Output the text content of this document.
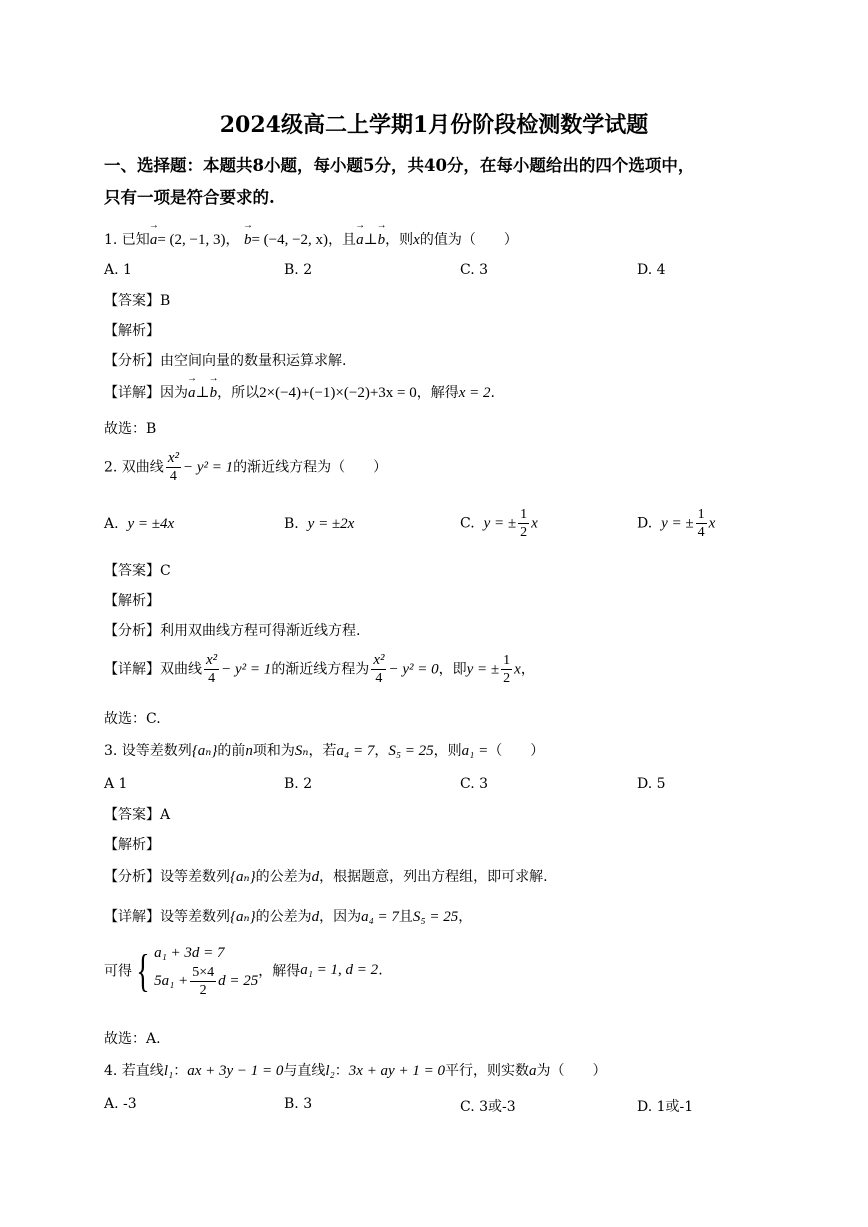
2024级高二上学期1月份阶段检测数学试题
一、选择题：本题共8小题，每小题5分，共40分，在每小题给出的四个选项中，
只有一项是符合要求的.
1. 已知→ a= (2, −1, 3)， → b= (−4, −2, x)，且→ a⊥→ b，则x的值为（　　）
A. 1	B. 2	C. 3	D. 4
【答案】B
【解析】
【分析】由空间向量的数量积运算求解.
【详解】因为→ a⊥→ b，所以2×(−4)+(−1)×(−2)+3x = 0，解得x = 2.
故选：B
2. 双曲线 $\frac{\text{x²}}{4} - y^2 = 1$的渐近线方程为（　　）
A. y = ±4x	B. y = ±2x	C. y = ± $\frac{1}{2}$ x	D. y = ± $\frac{1}{4}$ x
【答案】C
【解析】
【分析】利用双曲线方程可得渐近线方程.
【详解】双曲线 $\frac{\text{x²}}{4} - y^2 = 1$的渐近线方程为 $\frac{\text{x²}}{4} - y^2 = 0$，即y = ± $\frac{1}{2}$ x，
故选：C.
3. 设等差数列{aₙ}的前n项和为Sₙ，若a₄ = 7，S₅ = 25，则a₁ =（　　）
A 1	B. 2	C. 3	D. 5
【答案】A
【解析】
【分析】设等差数列{aₙ}的公差为d，根据题意，列出方程组，即可求解.
【详解】设等差数列{aₙ}的公差为d，因为a₄ = 7且S₅ = 25，
可得{ a₁ + 3d = 7
$5a_1 + \frac{5\times 4}{2}$ d = 25
，解得a₁ = 1, d = 2.
故选：A.
4. 若直线l₁：ax + 3y − 1 = 0与直线l₂：3x + ay + 1 = 0平行，则实数a为（　　）
A. -3	B. 3	C. 3或-3	D. 1或-1
